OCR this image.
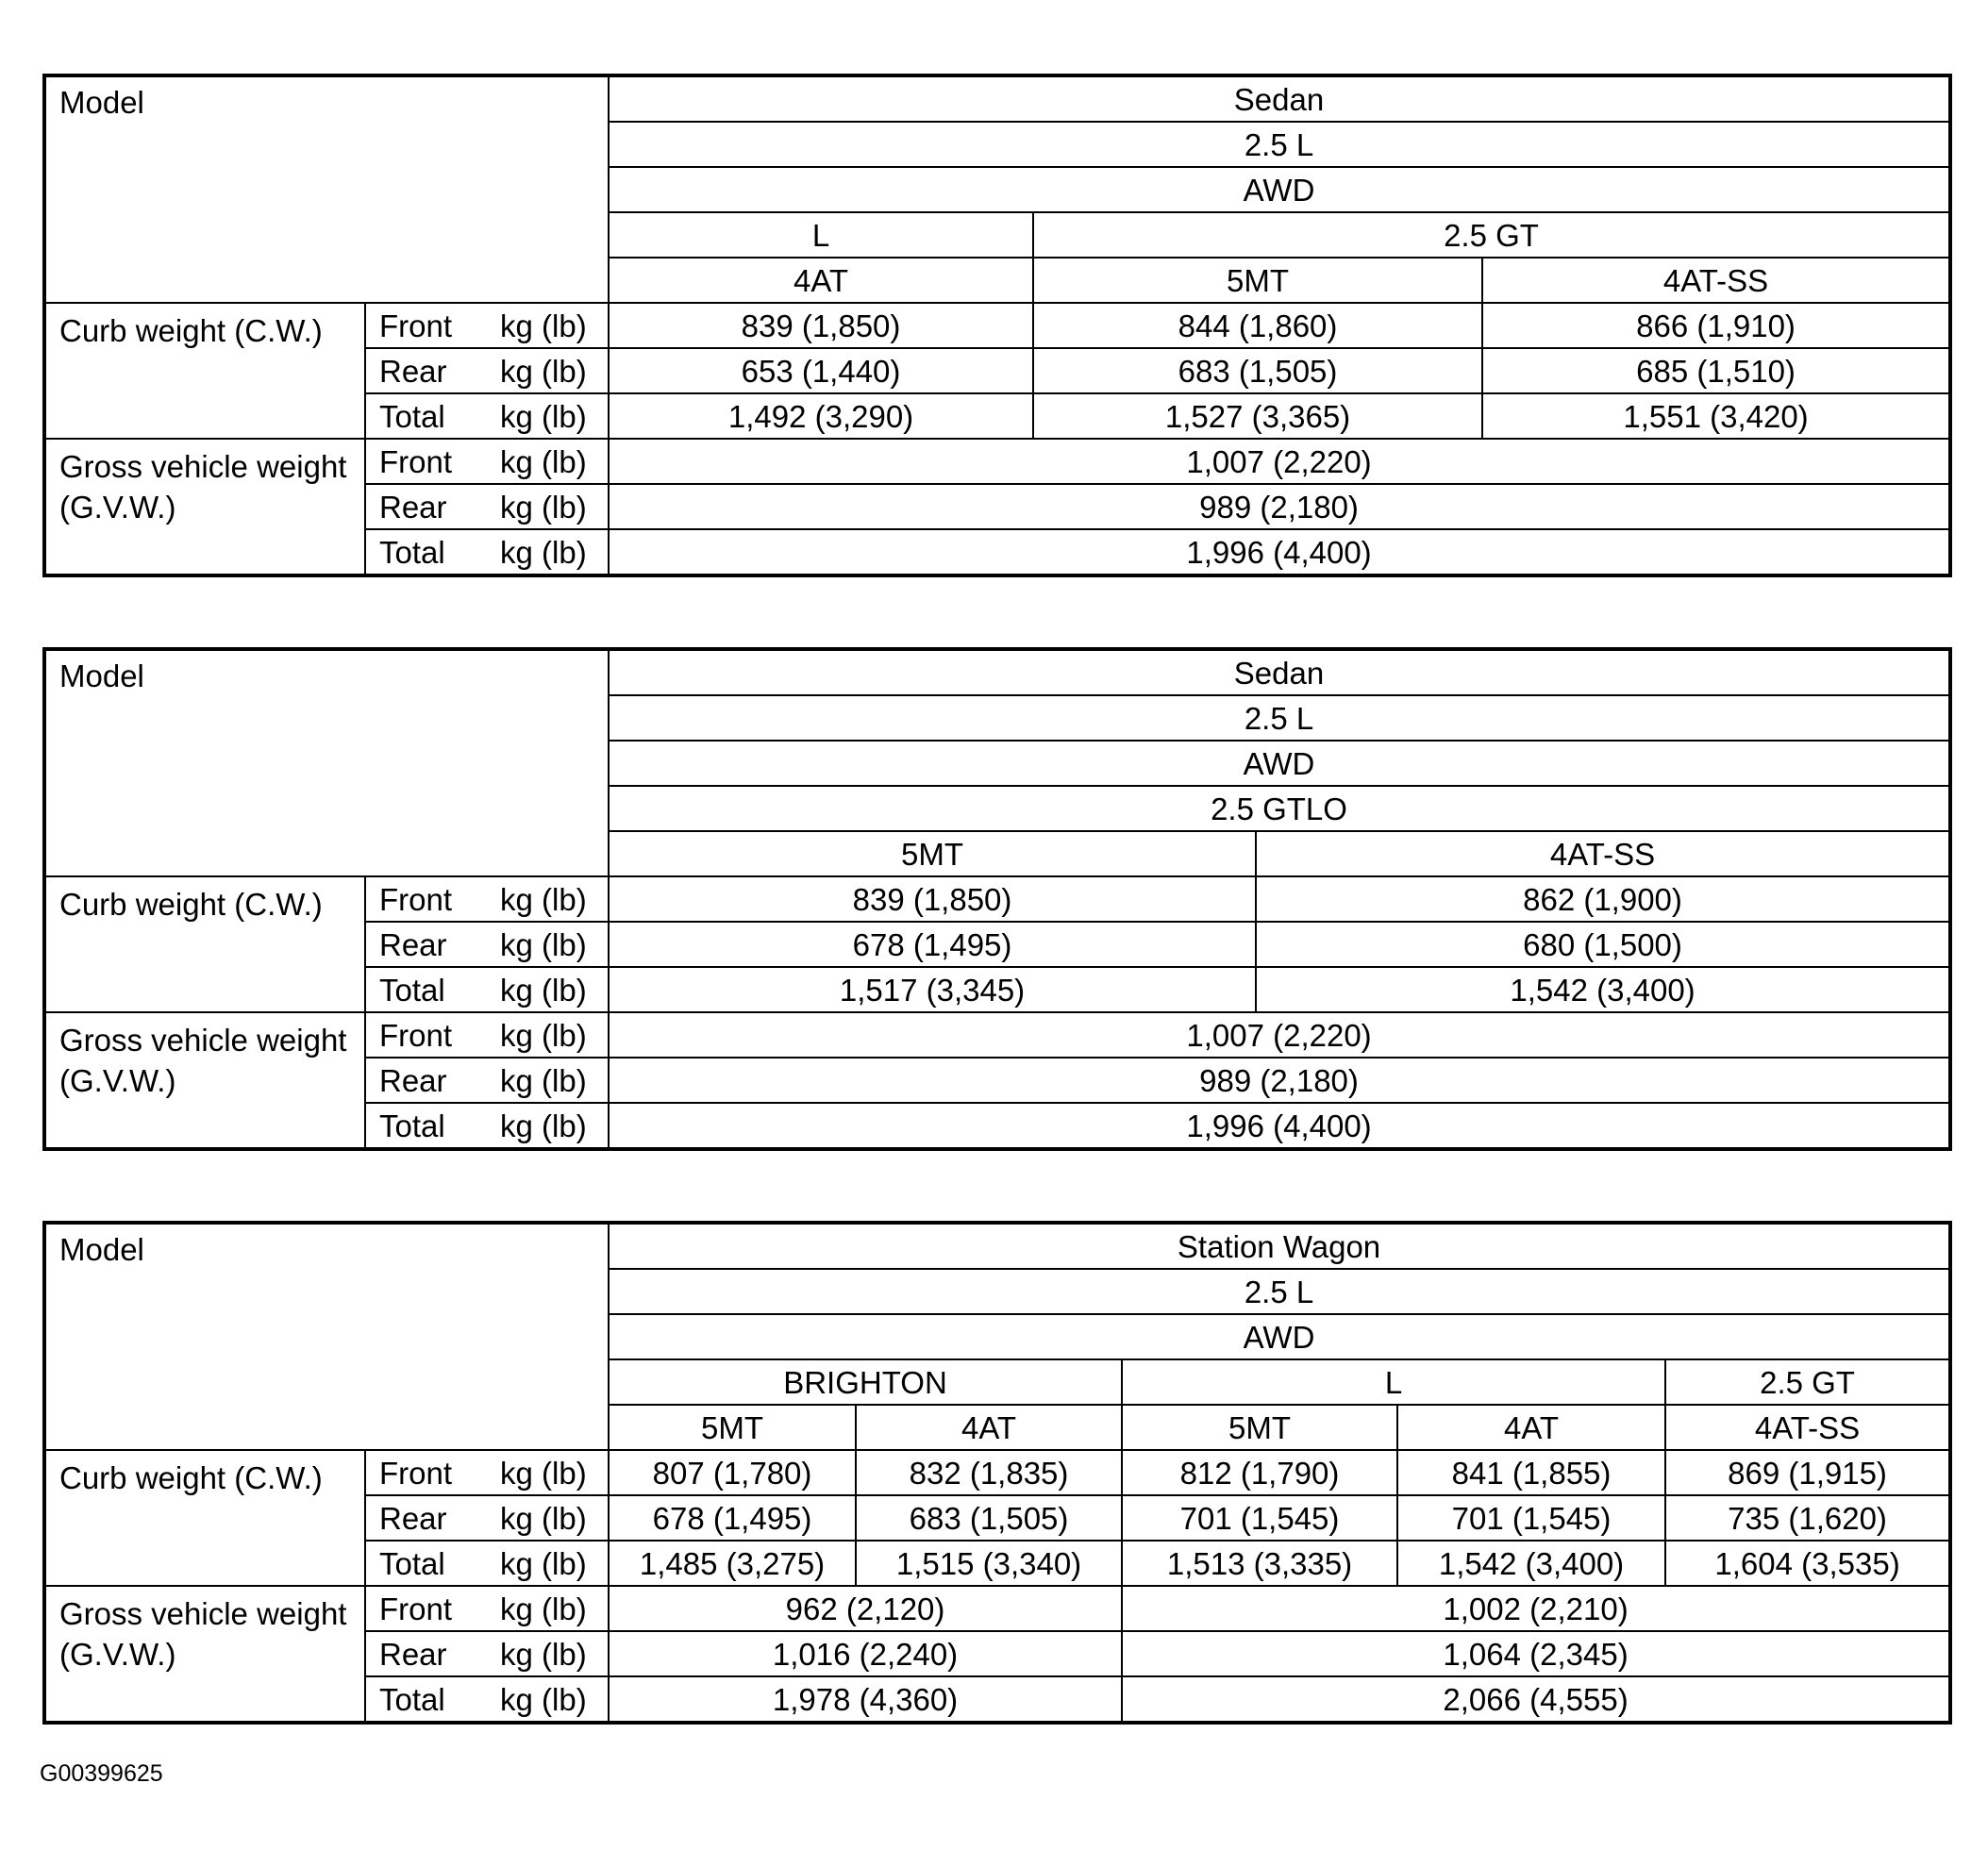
Model		Sedan		
		2.5 L		
		AWD		
		L	2.5 GT	
		4AT	5MT	4AT-SS
Curb weight (C.W.)	Front kg (lb)	839 (1,850)	844 (1,860)	866 (1,910)
	Rear kg (lb)	653 (1,440)	683 (1,505)	685 (1,510)
	Total kg (lb)	1,492 (3,290)	1,527 (3,365)	1,551 (3,420)
Gross vehicle weight (G.V.W.)	Front kg (lb)	1,007 (2,220)		
	Rear kg (lb)	989 (2,180)		
	Total kg (lb)	1,996 (4,400)		
Model		Sedan	
		2.5 L	
		AWD	
		2.5 GTLO	
		5MT	4AT-SS
Curb weight (C.W.)	Front kg (lb)	839 (1,850)	862 (1,900)
	Rear kg (lb)	678 (1,495)	680 (1,500)
	Total kg (lb)	1,517 (3,345)	1,542 (3,400)
Gross vehicle weight (G.V.W.)	Front kg (lb)	1,007 (2,220)	
	Rear kg (lb)	989 (2,180)	
	Total kg (lb)	1,996 (4,400)	
Model		Station Wagon				
		2.5 L				
		AWD				
		BRIGHTON		L		2.5 GT
		5MT	4AT	5MT	4AT	4AT-SS
Curb weight (C.W.)	Front kg (lb)	807 (1,780)	832 (1,835)	812 (1,790)	841 (1,855)	869 (1,915)
	Rear kg (lb)	678 (1,495)	683 (1,505)	701 (1,545)	701 (1,545)	735 (1,620)
	Total kg (lb)	1,485 (3,275)	1,515 (3,340)	1,513 (3,335)	1,542 (3,400)	1,604 (3,535)
Gross vehicle weight (G.V.W.)	Front kg (lb)	962 (2,120)		1,002 (2,210)		
	Rear kg (lb)	1,016 (2,240)		1,064 (2,345)		
	Total kg (lb)	1,978 (4,360)		2,066 (4,555)		
G00399625
